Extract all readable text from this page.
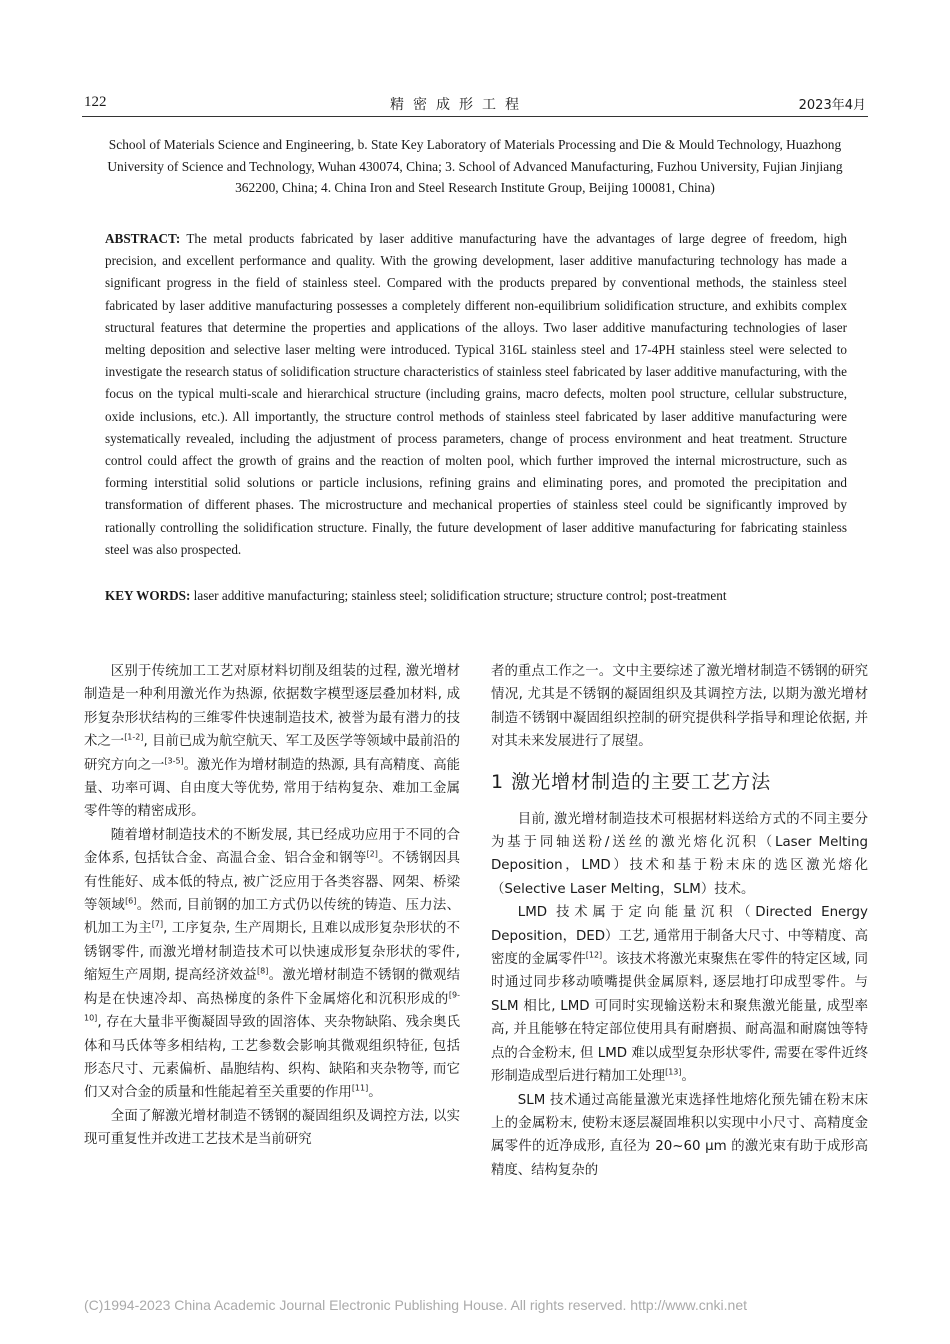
122	精密成形工程	2023年4月
School of Materials Science and Engineering, b. State Key Laboratory of Materials Processing and Die & Mould Technology, Huazhong University of Science and Technology, Wuhan 430074, China; 3. School of Advanced Manufacturing, Fuzhou University, Fujian Jinjiang 362200, China; 4. China Iron and Steel Research Institute Group, Beijing 100081, China)
ABSTRACT: The metal products fabricated by laser additive manufacturing have the advantages of large degree of freedom, high precision, and excellent performance and quality. With the growing development, laser additive manufacturing technology has made a significant progress in the field of stainless steel. Compared with the products prepared by conventional methods, the stainless steel fabricated by laser additive manufacturing possesses a completely different non-equilibrium solidification structure, and exhibits complex structural features that determine the properties and applications of the alloys. Two laser additive manufacturing technologies of laser melting deposition and selective laser melting were introduced. Typical 316L stainless steel and 17-4PH stainless steel were selected to investigate the research status of solidification structure characteristics of stainless steel fabricated by laser additive manufacturing, with the focus on the typical multi-scale and hierarchical structure (including grains, macro defects, molten pool structure, cellular substructure, oxide inclusions, etc.). All importantly, the structure control methods of stainless steel fabricated by laser additive manufacturing were systematically revealed, including the adjustment of process parameters, change of process environment and heat treatment. Structure control could affect the growth of grains and the reaction of molten pool, which further improved the internal microstructure, such as forming interstitial solid solutions or particle inclusions, refining grains and eliminating pores, and promoted the precipitation and transformation of different phases. The microstructure and mechanical properties of stainless steel could be significantly improved by rationally controlling the solidification structure. Finally, the future development of laser additive manufacturing for fabricating stainless steel was also prospected.
KEY WORDS: laser additive manufacturing; stainless steel; solidification structure; structure control; post-treatment

区别于传统加工工艺对原材料切削及组装的过程, 激光增材制造是一种利用激光作为热源, 依据数字模型逐层叠加材料, 成形复杂形状结构的三维零件快速制造技术, 被誉为最有潜力的技术之一[1-2], 目前已成为航空航天、军工及医学等领域中最前沿的研究方向之一[3-5]。激光作为增材制造的热源, 具有高精度、高能量、功率可调、自由度大等优势, 常用于结构复杂、难加工金属零件等的精密成形。

随着增材制造技术的不断发展, 其已经成功应用于不同的合金体系, 包括钛合金、高温合金、铝合金和钢等[2]。不锈钢因具有性能好、成本低的特点, 被广泛应用于各类容器、网架、桥梁等领域[6]。然而, 目前钢的加工方式仍以传统的铸造、压力法、机加工为主[7], 工序复杂, 生产周期长, 且难以成形复杂形状的不锈钢零件, 而激光增材制造技术可以快速成形复杂形状的零件, 缩短生产周期, 提高经济效益[8]。激光增材制造不锈钢的微观结构是在快速冷却、高热梯度的条件下金属熔化和沉积形成的[9-10], 存在大量非平衡凝固导致的固溶体、夹杂物缺陷、残余奥氏体和马氏体等多相结构, 工艺参数会影响其微观组织特征, 包括形态尺寸、元素偏析、晶胞结构、织构、缺陷和夹杂物等, 而它们又对合金的质量和性能起着至关重要的作用[11]。

全面了解激光增材制造不锈钢的凝固组织及调控方法, 以实现可重复性并改进工艺技术是当前研究

者的重点工作之一。文中主要综述了激光增材制造不锈钢的研究情况, 尤其是不锈钢的凝固组织及其调控方法, 以期为激光增材制造不锈钢中凝固组织控制的研究提供科学指导和理论依据, 并对其未来发展进行了展望。

1 激光增材制造的主要工艺方法

目前, 激光增材制造技术可根据材料送给方式的不同主要分为基于同轴送粉/送丝的激光熔化沉积（Laser Melting Deposition，LMD）技术和基于粉末床的选区激光熔化（Selective Laser Melting，SLM）技术。

LMD 技术属于定向能量沉积（Directed Energy Deposition，DED）工艺, 通常用于制备大尺寸、中等精度、高密度的金属零件[12]。该技术将激光束聚焦在零件的特定区域, 同时通过同步移动喷嘴提供金属原料, 逐层地打印成型零件。与 SLM 相比, LMD 可同时实现输送粉末和聚焦激光能量, 成型率高, 并且能够在特定部位使用具有耐磨损、耐高温和耐腐蚀等特点的合金粉末, 但 LMD 难以成型复杂形状零件, 需要在零件近终形制造成型后进行精加工处理[13]。

SLM 技术通过高能量激光束选择性地熔化预先铺在粉末床上的金属粉末, 使粉末逐层凝固堆积以实现中小尺寸、高精度金属零件的近净成形, 直径为 20~60 μm 的激光束有助于成形高精度、结构复杂的

(C)1994-2023 China Academic Journal Electronic Publishing House. All rights reserved. http://www.cnki.net
